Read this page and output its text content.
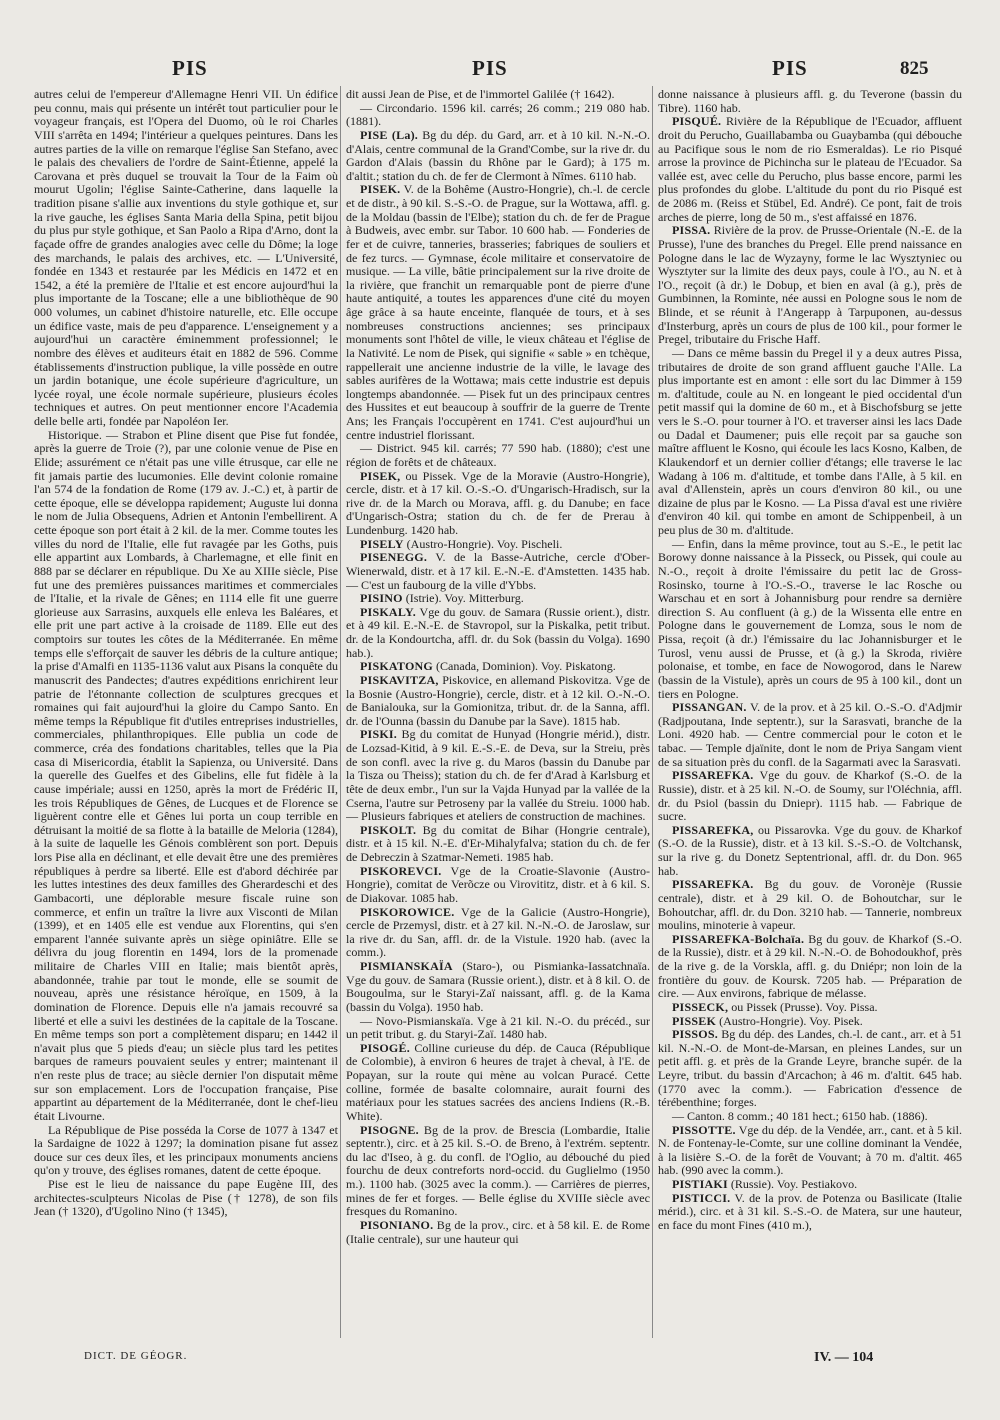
PIS	PIS	PIS	825

autres celui de l'empereur d'Allemagne Henri VII. Un édifice peu connu, mais qui présente un intérêt tout particulier pour le voyageur français, est l'Opera del Duomo, où le roi Charles VIII s'arrêta en 1494; l'intérieur a quelques peintures. Dans les autres parties de la ville on remarque l'église San Stefano, avec le palais des chevaliers de l'ordre de Saint-Étienne, appelé la Carovana et près duquel se trouvait la Tour de la Faim où mourut Ugolin; l'église Sainte-Catherine, dans laquelle la tradition pisane s'allie aux inventions du style gothique et, sur la rive gauche, les églises Santa Maria della Spina, petit bijou du plus pur style gothique, et San Paolo a Ripa d'Arno, dont la façade offre de grandes analogies avec celle du Dôme; la loge des marchands, le palais des archives, etc. — L'Université, fondée en 1343 et restaurée par les Médicis en 1472 et en 1542, a été la première de l'Italie et est encore aujourd'hui la plus importante de la Toscane; elle a une bibliothèque de 90 000 volumes, un cabinet d'histoire naturelle, etc. Elle occupe un édifice vaste, mais de peu d'apparence. L'enseignement y a aujourd'hui un caractère éminemment professionnel; le nombre des élèves et auditeurs était en 1882 de 596. Comme établissements d'instruction publique, la ville possède en outre un jardin botanique, une école supérieure d'agriculture, un lycée royal, une école normale supérieure, plusieurs écoles techniques et autres. On peut mentionner encore l'Academia delle belle arti, fondée par Napoléon Ier.

Historique. — Strabon et Pline disent que Pise fut fondée, après la guerre de Troie (?), par une colonie venue de Pise en Elide; assurément ce n'était pas une ville étrusque, car elle ne fit jamais partie des lucumonies. Elle devint colonie romaine l'an 574 de la fondation de Rome (179 av. J.-C.) et, à partir de cette époque, elle se développa rapidement; Auguste lui donna le nom de Julia Obsequens, Adrien et Antonin l'embellirent. A cette époque son port était à 2 kil. de la mer. Comme toutes les villes du nord de l'Italie, elle fut ravagée par les Goths, puis elle appartint aux Lombards, à Charlemagne, et elle finit en 888 par se déclarer en république. Du Xe au XIIIe siècle, Pise fut une des premières puissances maritimes et commerciales de l'Italie, et la rivale de Gênes; en 1114 elle fit une guerre glorieuse aux Sarrasins, auxquels elle enleva les Baléares, et elle prit une part active à la croisade de 1189. Elle eut des comptoirs sur toutes les côtes de la Méditerranée. En même temps elle s'efforçait de sauver les débris de la culture antique; la prise d'Amalfi en 1135-1136 valut aux Pisans la conquête du manuscrit des Pandectes; d'autres expéditions enrichirent leur patrie de l'étonnante collection de sculptures grecques et romaines qui fait aujourd'hui la gloire du Campo Santo. En même temps la République fit d'utiles entreprises industrielles, commerciales, philanthropiques. Elle publia un code de commerce, créa des fondations charitables, telles que la Pia casa di Misericordia, établit la Sapienza, ou Université. Dans la querelle des Guelfes et des Gibelins, elle fut fidèle à la cause impériale; aussi en 1250, après la mort de Frédéric II, les trois Républiques de Gênes, de Lucques et de Florence se liguèrent contre elle et Gênes lui porta un coup terrible en détruisant la moitié de sa flotte à la bataille de Meloria (1284), à la suite de laquelle les Génois comblèrent son port. Depuis lors Pise alla en déclinant, et elle devait être une des premières républiques à perdre sa liberté. Elle est d'abord déchirée par les luttes intestines des deux familles des Gherardeschi et des Gambacorti, une déplorable mesure fiscale ruine son commerce, et enfin un traître la livre aux Visconti de Milan (1399), et en 1405 elle est vendue aux Florentins, qui s'en emparent l'année suivante après un siège opiniâtre. Elle se délivra du joug florentin en 1494, lors de la promenade militaire de Charles VIII en Italie; mais bientôt après, abandonnée, trahie par tout le monde, elle se soumit de nouveau, après une résistance héroïque, en 1509, à la domination de Florence. Depuis elle n'a jamais recouvré sa liberté et elle a suivi les destinées de la capitale de la Toscane. En même temps son port a complètement disparu; en 1442 il n'avait plus que 5 pieds d'eau; un siècle plus tard les petites barques de rameurs pouvaient seules y entrer; maintenant il n'en reste plus de trace; au siècle dernier l'on disputait même sur son emplacement. Lors de l'occupation française, Pise appartint au département de la Méditerranée, dont le chef-lieu était Livourne.

La République de Pise posséda la Corse de 1077 à 1347 et la Sardaigne de 1022 à 1297; la domination pisane fut assez douce sur ces deux îles, et les principaux monuments anciens qu'on y trouve, des églises romanes, datent de cette époque.

Pise est le lieu de naissance du pape Eugène III, des architectes-sculpteurs Nicolas de Pise († 1278), de son fils Jean († 1320), d'Ugolino Nino († 1345),

dit aussi Jean de Pise, et de l'immortel Galilée († 1642).

— Circondario. 1596 kil. carrés; 26 comm.; 219 080 hab. (1881).

PISE (La). Bg du dép. du Gard, arr. et à 10 kil. N.-N.-O. d'Alais, centre communal de la Grand'Combe, sur la rive dr. du Gardon d'Alais (bassin du Rhône par le Gard); à 175 m. d'altit.; station du ch. de fer de Clermont à Nîmes. 6110 hab.

PISEK. V. de la Bohême (Austro-Hongrie), ch.-l. de cercle et de distr., à 90 kil. S.-S.-O. de Prague, sur la Wottawa, affl. g. de la Moldau (bassin de l'Elbe); station du ch. de fer de Prague à Budweis, avec embr. sur Tabor. 10 600 hab. — Fonderies de fer et de cuivre, tanneries, brasseries; fabriques de souliers et de fez turcs. — Gymnase, école militaire et conservatoire de musique. — La ville, bâtie principalement sur la rive droite de la rivière, que franchit un remarquable pont de pierre d'une haute antiquité, a toutes les apparences d'une cité du moyen âge grâce à sa haute enceinte, flanquée de tours, et à ses nombreuses constructions anciennes; ses principaux monuments sont l'hôtel de ville, le vieux château et l'église de la Nativité. Le nom de Pisek, qui signifie « sable » en tchèque, rappellerait une ancienne industrie de la ville, le lavage des sables aurifères de la Wottawa; mais cette industrie est depuis longtemps abandonnée. — Pisek fut un des principaux centres des Hussites et eut beaucoup à souffrir de la guerre de Trente Ans; les Français l'occupèrent en 1741. C'est aujourd'hui un centre industriel florissant.

— District. 945 kil. carrés; 77 590 hab. (1880); c'est une région de forêts et de châteaux.

PISEK, ou Pissek. Vge de la Moravie (Austro-Hongrie), cercle, distr. et à 17 kil. O.-S.-O. d'Ungarisch-Hradisch, sur la rive dr. de la March ou Morava, affl. g. du Danube; en face d'Ungarisch-Ostra; station du ch. de fer de Prerau à Lundenburg. 1420 hab.

PISELY (Austro-Hongrie). Voy. Pischeli.

PISENEGG. V. de la Basse-Autriche, cercle d'Ober-Wienerwald, distr. et à 17 kil. E.-N.-E. d'Amstetten. 1435 hab. — C'est un faubourg de la ville d'Ybbs.

PISINO (Istrie). Voy. Mitterburg.

PISKALY. Vge du gouv. de Samara (Russie orient.), distr. et à 49 kil. E.-N.-E. de Stavropol, sur la Piskalka, petit tribut. dr. de la Kondourtcha, affl. dr. du Sok (bassin du Volga). 1690 hab.).

PISKATONG (Canada, Dominion). Voy. Piskatong.

PISKAVITZA, Piskovice, en allemand Piskovitza. Vge de la Bosnie (Austro-Hongrie), cercle, distr. et à 12 kil. O.-N.-O. de Banialouka, sur la Gomionitza, tribut. dr. de la Sanna, affl. dr. de l'Ounna (bassin du Danube par la Save). 1815 hab.

PISKI. Bg du comitat de Hunyad (Hongrie mérid.), distr. de Lozsad-Kitid, à 9 kil. E.-S.-E. de Deva, sur la Streiu, près de son confl. avec la rive g. du Maros (bassin du Danube par la Tisza ou Theiss); station du ch. de fer d'Arad à Karlsburg et tête de deux embr., l'un sur la Vajda Hunyad par la vallée de la Cserna, l'autre sur Petroseny par la vallée du Streiu. 1000 hab. — Plusieurs fabriques et ateliers de construction de machines.

PISKOLT. Bg du comitat de Bihar (Hongrie centrale), distr. et à 15 kil. N.-E. d'Er-Mihalyfalva; station du ch. de fer de Debreczin à Szatmar-Nemeti. 1985 hab.

PISKOREVCI. Vge de la Croatie-Slavonie (Austro-Hongrie), comitat de Verõcze ou Virovititz, distr. et à 6 kil. S. de Diakovar. 1085 hab.

PISKOROWICE. Vge de la Galicie (Austro-Hongrie), cercle de Przemysl, distr. et à 27 kil. N.-N.-O. de Jaroslaw, sur la rive dr. du San, affl. dr. de la Vistule. 1920 hab. (avec la comm.).

PISMIANSKAÏA (Staro-), ou Pismianka-Iassatchnaïa. Vge du gouv. de Samara (Russie orient.), distr. et à 8 kil. O. de Bougoulma, sur le Staryi-Zaï naissant, affl. g. de la Kama (bassin du Volga). 1950 hab.

— Novo-Pismianskaïa. Vge à 21 kil. N.-O. du précéd., sur un petit tribut. g. du Staryi-Zaï. 1480 hab.

PISOGÉ. Colline curieuse du dép. de Cauca (République de Colombie), à environ 6 heures de trajet à cheval, à l'E. de Popayan, sur la route qui mène au volcan Puracé. Cette colline, formée de basalte colomnaire, aurait fourni des matériaux pour les statues sacrées des anciens Indiens (R.-B. White).

PISOGNE. Bg de la prov. de Brescia (Lombardie, Italie septentr.), circ. et à 25 kil. S.-O. de Breno, à l'extrém. septentr. du lac d'Iseo, à g. du confl. de l'Oglio, au débouché du pied fourchu de deux contreforts nord-occid. du Guglielmo (1950 m.). 1100 hab. (3025 avec la comm.). — Carrières de pierres, mines de fer et forges. — Belle église du XVIIIe siècle avec fresques du Romanino.

PISONIANO. Bg de la prov., circ. et à 58 kil. E. de Rome (Italie centrale), sur une hauteur qui

donne naissance à plusieurs affl. g. du Teverone (bassin du Tibre). 1160 hab.

PISQUÉ. Rivière de la République de l'Ecuador, affluent droit du Perucho, Guaillabamba ou Guaybamba (qui débouche au Pacifique sous le nom de rio Esmeraldas). Le rio Pisqué arrose la province de Pichincha sur le plateau de l'Ecuador. Sa vallée est, avec celle du Perucho, plus basse encore, parmi les plus profondes du globe. L'altitude du pont du rio Pisqué est de 2086 m. (Reiss et Stübel, Ed. André). Ce pont, fait de trois arches de pierre, long de 50 m., s'est affaissé en 1876.

PISSA. Rivière de la prov. de Prusse-Orientale (N.-E. de la Prusse), l'une des branches du Pregel. Elle prend naissance en Pologne dans le lac de Wyzayny, forme le lac Wysztyniec ou Wysztyter sur la limite des deux pays, coule à l'O., au N. et à l'O., reçoit (à dr.) le Dobup, et bien en aval (à g.), près de Gumbinnen, la Rominte, née aussi en Pologne sous le nom de Blinde, et se réunit à l'Angerapp à Tarpuponen, au-dessus d'Insterburg, après un cours de plus de 100 kil., pour former le Pregel, tributaire du Frische Haff.

— Dans ce même bassin du Pregel il y a deux autres Pissa, tributaires de droite de son grand affluent gauche l'Alle. La plus importante est en amont : elle sort du lac Dimmer à 159 m. d'altitude, coule au N. en longeant le pied occidental d'un petit massif qui la domine de 60 m., et à Bischofsburg se jette vers le S.-O. pour tourner à l'O. et traverser ainsi les lacs Dade ou Dadal et Daumener; puis elle reçoit par sa gauche son maître affluent le Kosno, qui écoule les lacs Kosno, Kalben, de Klaukendorf et un dernier collier d'étangs; elle traverse le lac Wadang à 106 m. d'altitude, et tombe dans l'Alle, à 5 kil. en aval d'Allenstein, après un cours d'environ 80 kil., ou une dizaine de plus par le Kosno. — La Pissa d'aval est une rivière d'environ 40 kil. qui tombe en amont de Schippenbeil, à un peu plus de 30 m. d'altitude.

— Enfin, dans la même province, tout au S.-E., le petit lac Borowy donne naissance à la Pisseck, ou Pissek, qui coule au N.-O., reçoit à droite l'émissaire du petit lac de Gross-Rosinsko, tourne à l'O.-S.-O., traverse le lac Rosche ou Warschau et en sort à Johannisburg pour rendre sa dernière direction S. Au confluent (à g.) de la Wissenta elle entre en Pologne dans le gouvernement de Lomza, sous le nom de Pissa, reçoit (à dr.) l'émissaire du lac Johannisburger et le Turosl, venu aussi de Prusse, et (à g.) la Skroda, rivière polonaise, et tombe, en face de Nowogorod, dans le Narew (bassin de la Vistule), après un cours de 95 à 100 kil., dont un tiers en Pologne.

PISSANGAN. V. de la prov. et à 25 kil. O.-S.-O. d'Adjmir (Radjpoutana, Inde septentr.), sur la Sarasvati, branche de la Loni. 4920 hab. — Centre commercial pour le coton et le tabac. — Temple djaïnite, dont le nom de Priya Sangam vient de sa situation près du confl. de la Sagarmati avec la Sarasvati.

PISSAREFKA. Vge du gouv. de Kharkof (S.-O. de la Russie), distr. et à 25 kil. N.-O. de Soumy, sur l'Oléchnia, affl. dr. du Psiol (bassin du Dniepr). 1115 hab. — Fabrique de sucre.

PISSAREFKA, ou Pissarovka. Vge du gouv. de Kharkof (S.-O. de la Russie), distr. et à 13 kil. S.-S.-O. de Voltchansk, sur la rive g. du Donetz Septentrional, affl. dr. du Don. 965 hab.

PISSAREFKA. Bg du gouv. de Voronèje (Russie centrale), distr. et à 29 kil. O. de Bohoutchar, sur le Bohoutchar, affl. dr. du Don. 3210 hab. — Tannerie, nombreux moulins, minoterie à vapeur.

PISSAREFKA-Bolchaïa. Bg du gouv. de Kharkof (S.-O. de la Russie), distr. et à 29 kil. N.-N.-O. de Bohodoukhof, près de la rive g. de la Vorskla, affl. g. du Dniépr; non loin de la frontière du gouv. de Koursk. 7205 hab. — Préparation de cire. — Aux environs, fabrique de mélasse.

PISSECK, ou Pissek (Prusse). Voy. Pissa.

PISSEK (Austro-Hongrie). Voy. Pisek.

PISSOS. Bg du dép. des Landes, ch.-l. de cant., arr. et à 51 kil. N.-N.-O. de Mont-de-Marsan, en pleines Landes, sur un petit affl. g. et près de la Grande Leyre, branche supér. de la Leyre, tribut. du bassin d'Arcachon; à 46 m. d'altit. 645 hab. (1770 avec la comm.). — Fabrication d'essence de térébenthine; forges.

— Canton. 8 comm.; 40 181 hect.; 6150 hab. (1886).

PISSOTTE. Vge du dép. de la Vendée, arr., cant. et à 5 kil. N. de Fontenay-le-Comte, sur une colline dominant la Vendée, à la lisière S.-O. de la forêt de Vouvant; à 70 m. d'altit. 465 hab. (990 avec la comm.).

PISTIAKI (Russie). Voy. Pestiakovo.

PISTICCI. V. de la prov. de Potenza ou Basilicate (Italie mérid.), circ. et à 31 kil. S.-S.-O. de Matera, sur une hauteur, en face du mont Fines (410 m.),

DICT. DE GÉOGR.	IV. — 104
